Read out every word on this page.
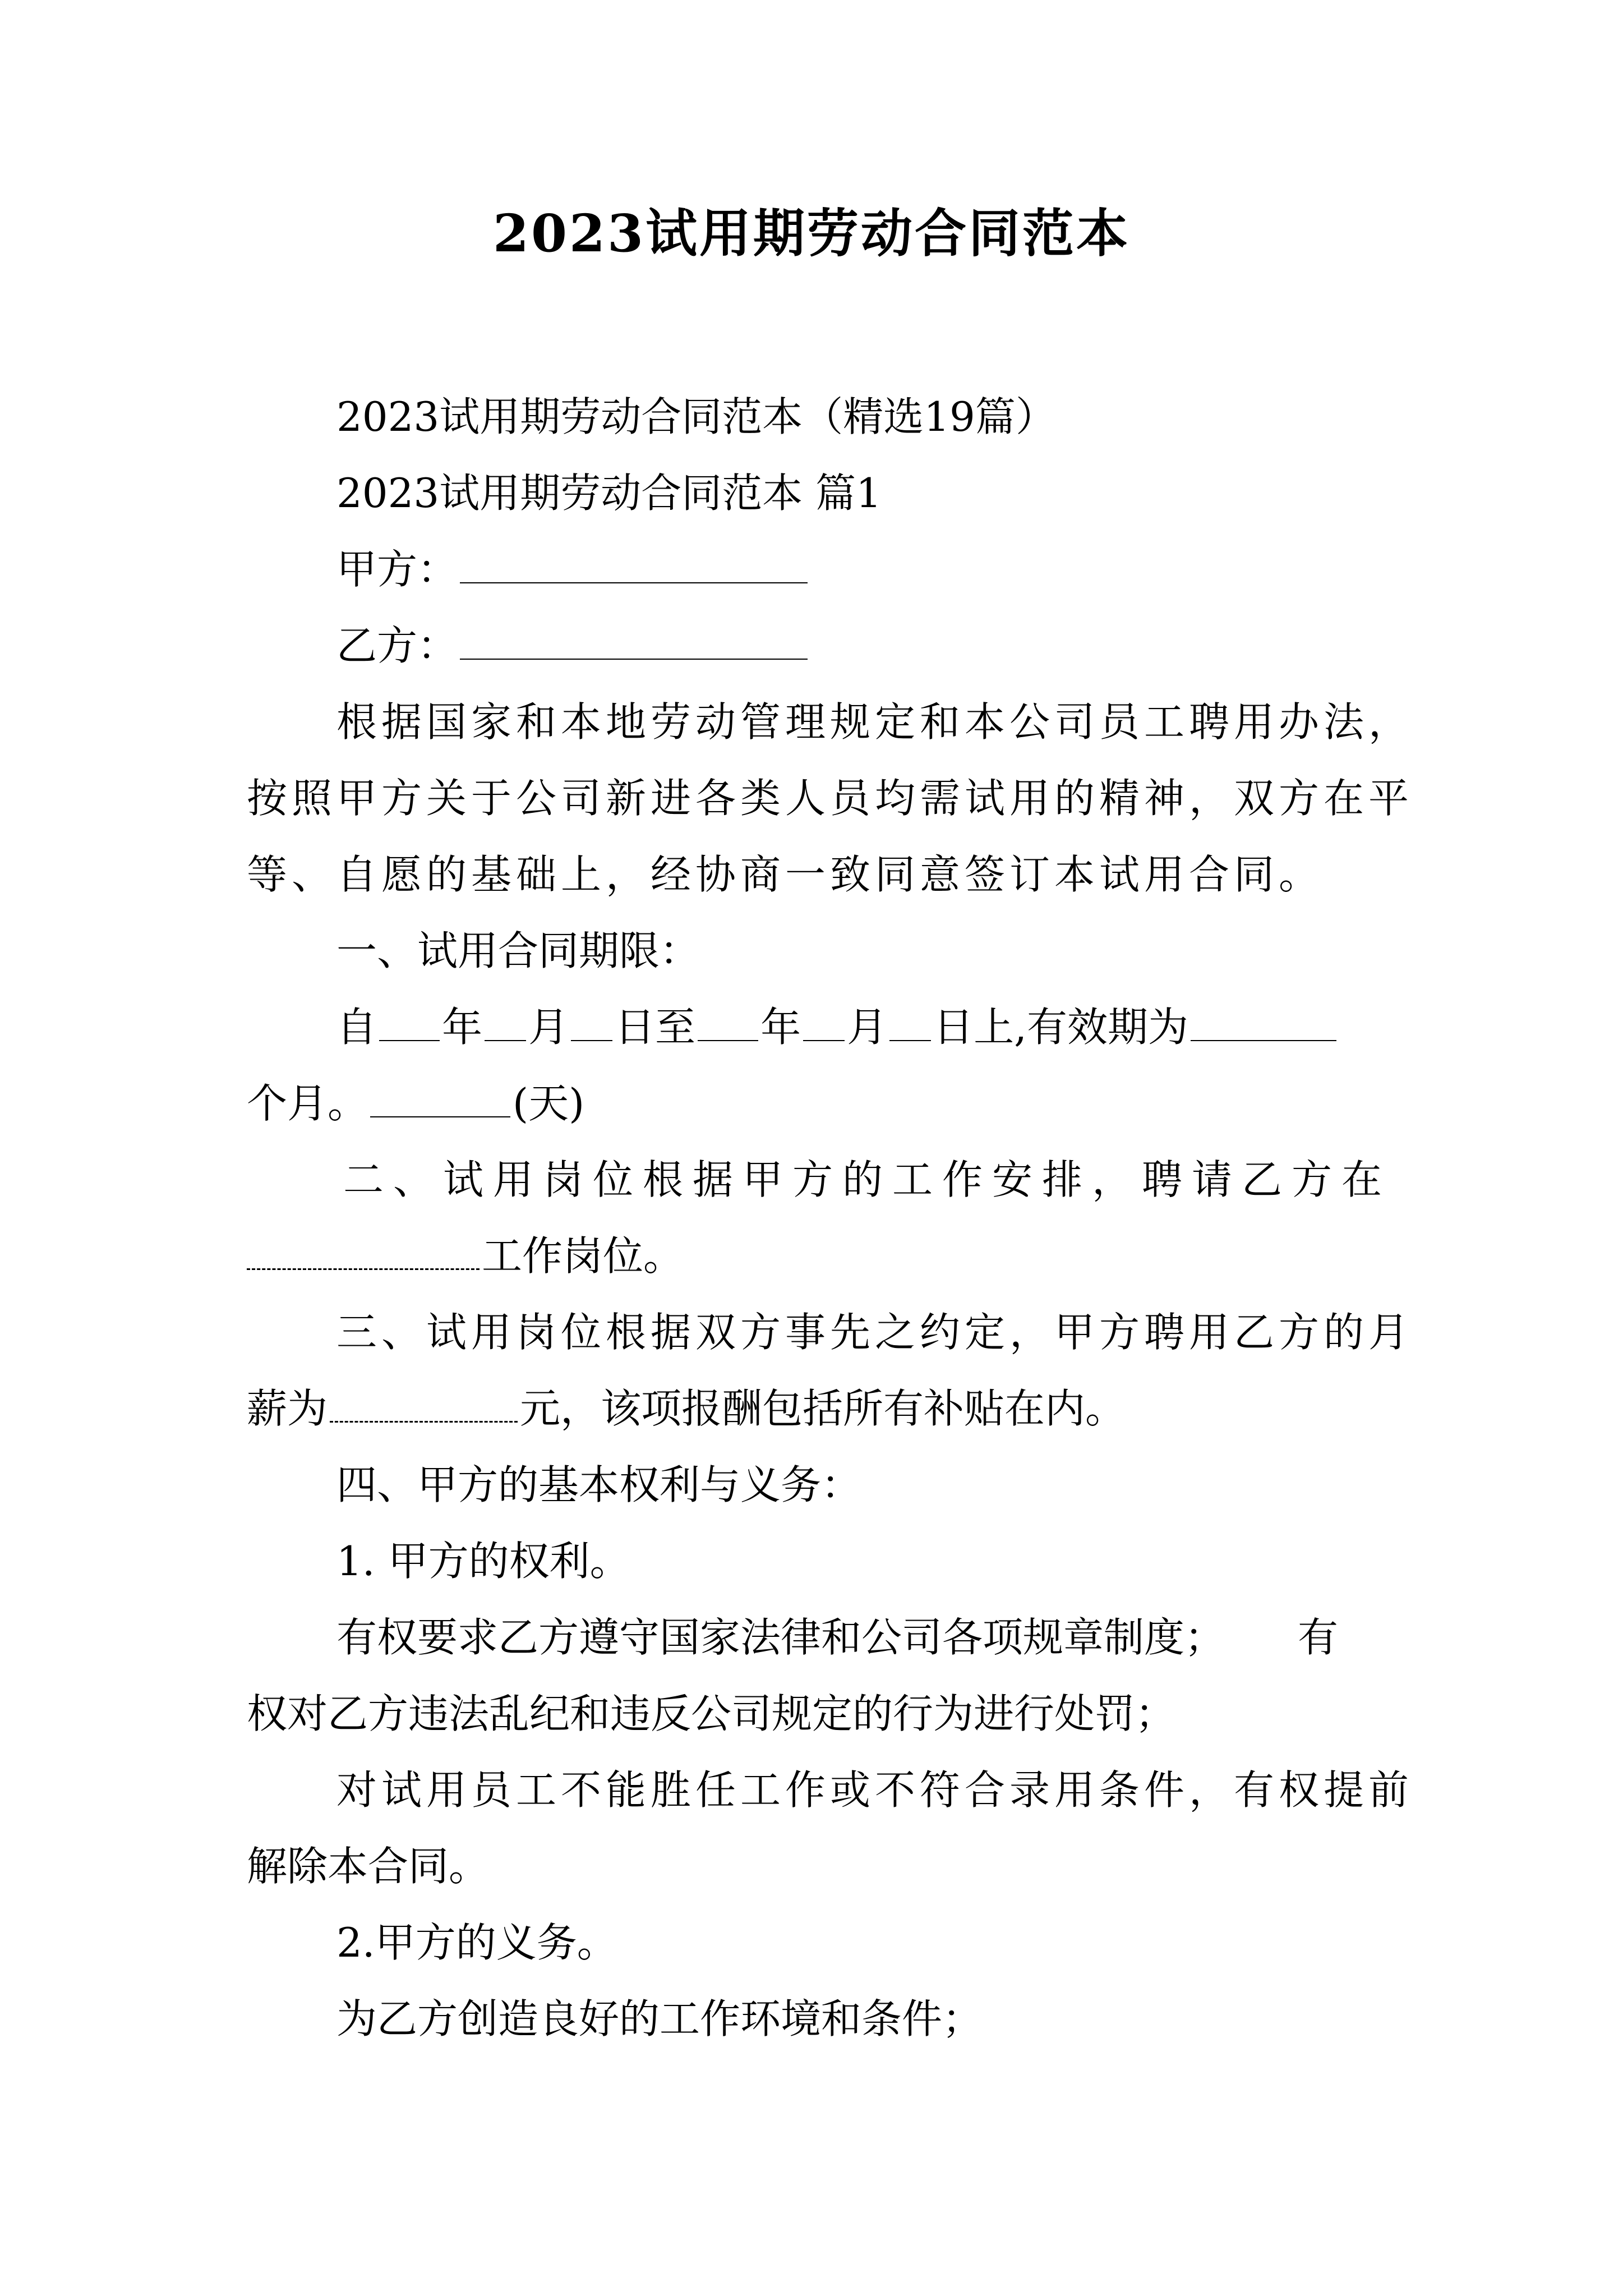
2023试用期劳动合同范本
2023试用期劳动合同范本（精选19篇）
2023试用期劳动合同范本 篇1
甲方：
乙方：
根据国家和本地劳动管理规定和本公司员工聘用办法，
按照甲方关于公司新进各类人员均需试用的精神，双方在平
等、自愿的基础上，经协商一致同意签订本试用合同。
一、试用合同期限：
自 年 月 日至 年 月 日上,有效期为
个月。	(天)
二、试用岗位根据甲方的工作安排，聘请乙方在
工作岗位。
三、试用岗位根据双方事先之约定，甲方聘用乙方的月
薪为	元，该项报酬包括所有补贴在内。
四、甲方的基本权利与义务：
1. 甲方的权利。
有权要求乙方遵守国家法律和公司各项规章制度； 有
权对乙方违法乱纪和违反公司规定的行为进行处罚；
对试用员工不能胜任工作或不符合录用条件，有权提前
解除本合同。
2.甲方的义务。
为乙方创造良好的工作环境和条件；
